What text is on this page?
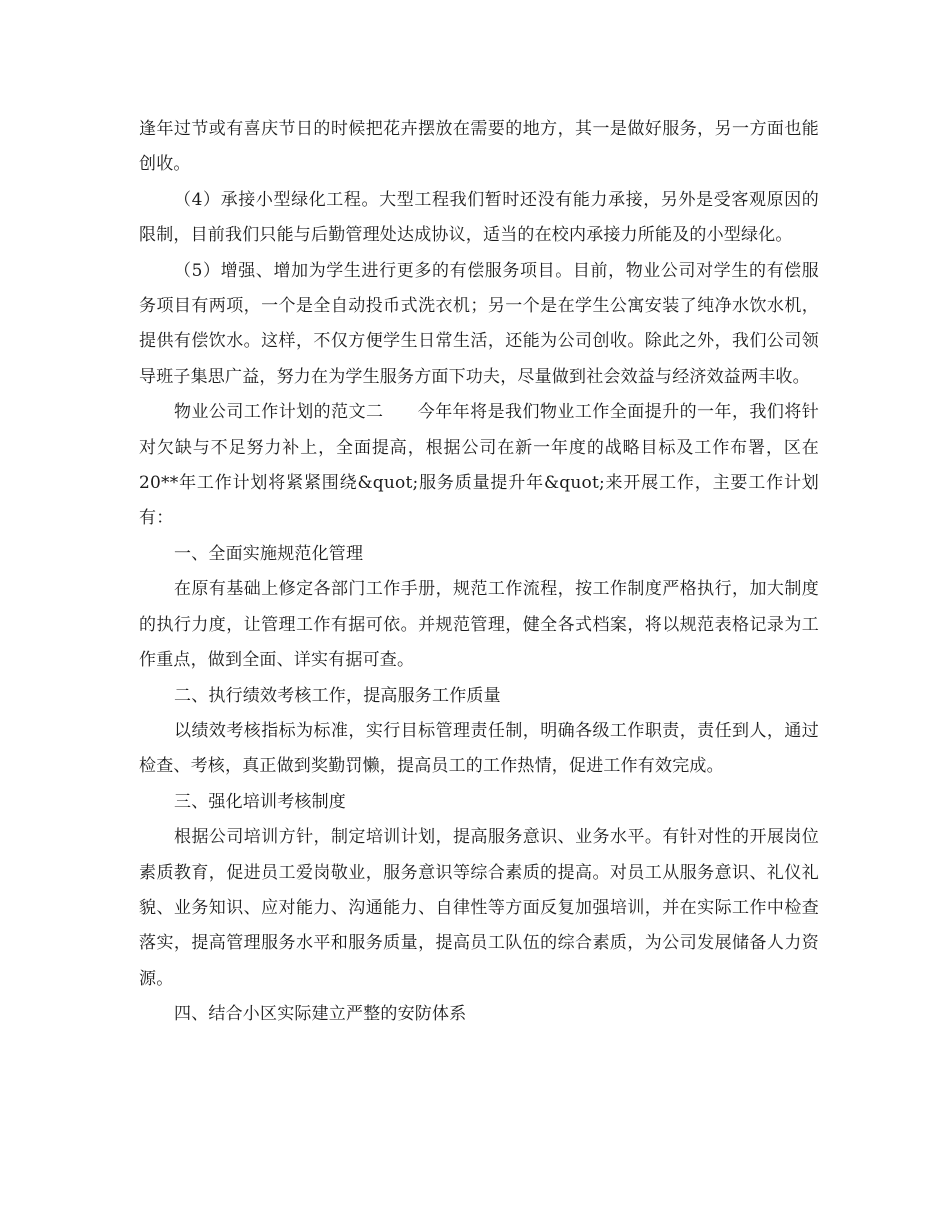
逢年过节或有喜庆节日的时候把花卉摆放在需要的地方，其一是做好服务，另一方面也能创收。

（4）承接小型绿化工程。大型工程我们暂时还没有能力承接，另外是受客观原因的限制，目前我们只能与后勤管理处达成协议，适当的在校内承接力所能及的小型绿化。

（5）增强、增加为学生进行更多的有偿服务项目。目前，物业公司对学生的有偿服务项目有两项，一个是全自动投币式洗衣机；另一个是在学生公寓安装了纯净水饮水机，提供有偿饮水。这样，不仅方便学生日常生活，还能为公司创收。除此之外，我们公司领导班子集思广益，努力在为学生服务方面下功夫，尽量做到社会效益与经济效益两丰收。

物业公司工作计划的范文二 今年年将是我们物业工作全面提升的一年，我们将针对欠缺与不足努力补上，全面提高，根据公司在新一年度的战略目标及工作布署，区在20**年工作计划将紧紧围绕&quot;服务质量提升年&quot;来开展工作，主要工作计划有：

一、全面实施规范化管理

在原有基础上修定各部门工作手册，规范工作流程，按工作制度严格执行，加大制度的执行力度，让管理工作有据可依。并规范管理，健全各式档案，将以规范表格记录为工作重点，做到全面、详实有据可查。

二、执行绩效考核工作，提高服务工作质量

以绩效考核指标为标准，实行目标管理责任制，明确各级工作职责，责任到人，通过检查、考核，真正做到奖勤罚懒，提高员工的工作热情，促进工作有效完成。

三、强化培训考核制度

根据公司培训方针，制定培训计划，提高服务意识、业务水平。有针对性的开展岗位素质教育，促进员工爱岗敬业，服务意识等综合素质的提高。对员工从服务意识、礼仪礼貌、业务知识、应对能力、沟通能力、自律性等方面反复加强培训，并在实际工作中检查落实，提高管理服务水平和服务质量，提高员工队伍的综合素质，为公司发展储备人力资源。

四、结合小区实际建立严整的安防体系
